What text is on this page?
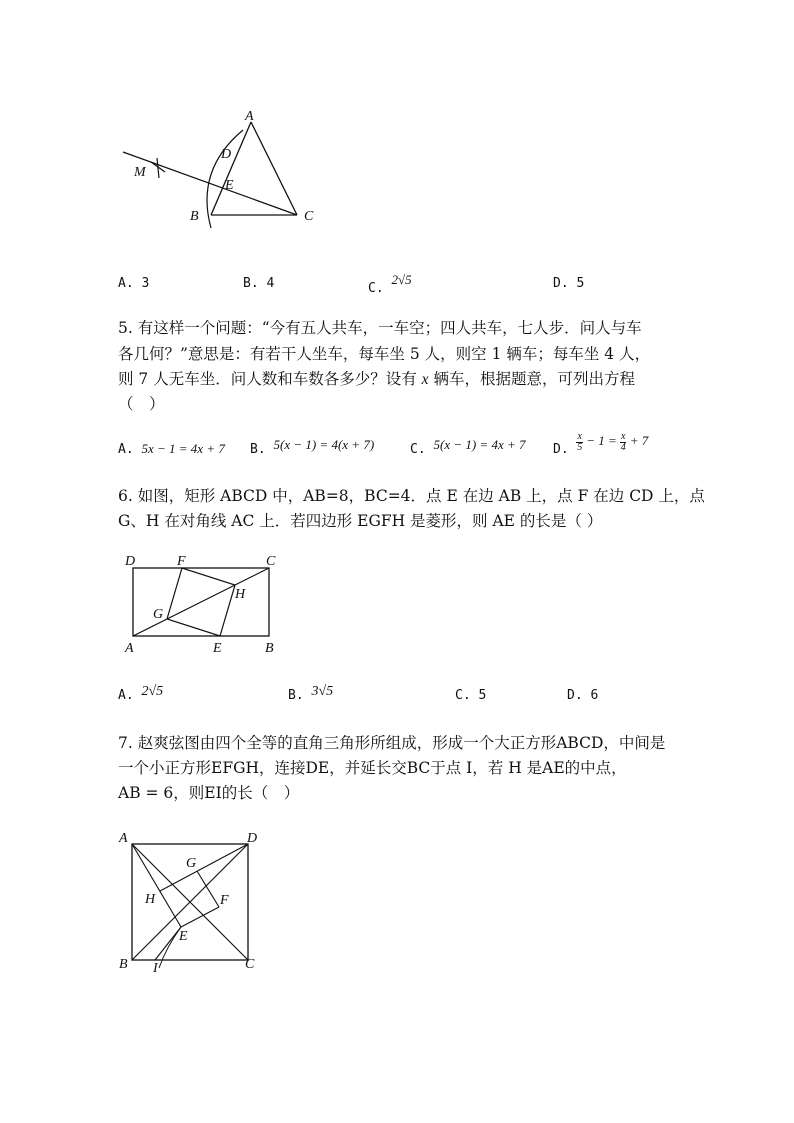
A
D
E
M
B	C
A. 3	B. 4	C. 2√5	D. 5
5. 有这样一个问题：“今有五人共车，一车空；四人共车，七人步．问人与车
各几何？”意思是：有若干人坐车，每车坐 5 人，则空 1 辆车；每车坐 4 人，
则 7 人无车坐．问人数和车数各多少？设有 x 辆车，根据题意，可列出方程
（　）
A. 5x − 1 = 4x + 7 B. 5(x − 1) = 4(x + 7)	C. 5(x − 1) = 4x + 7 D. $\frac{x}{5} - 1 = \frac{x}{4} + 7$
6. 如图，矩形 ABCD 中，AB=8，BC=4．点 E 在边 AB 上，点 F 在边 CD 上，点
G、H 在对角线 AC 上．若四边形 EGFH 是菱形，则 AE 的长是（ ）
D	F	C
G
H
A	E	B
A. 2√5	B. 3√5	C. 5	D. 6
7. 赵爽弦图由四个全等的直角三角形所组成，形成一个大正方形ABCD，中间是
一个小正方形EFGH，连接DE，并延长交BC于点 I，若 H 是AE的中点，
AB = 6，则EI的长（　）
A	D
G
H	F
E
B I	C
